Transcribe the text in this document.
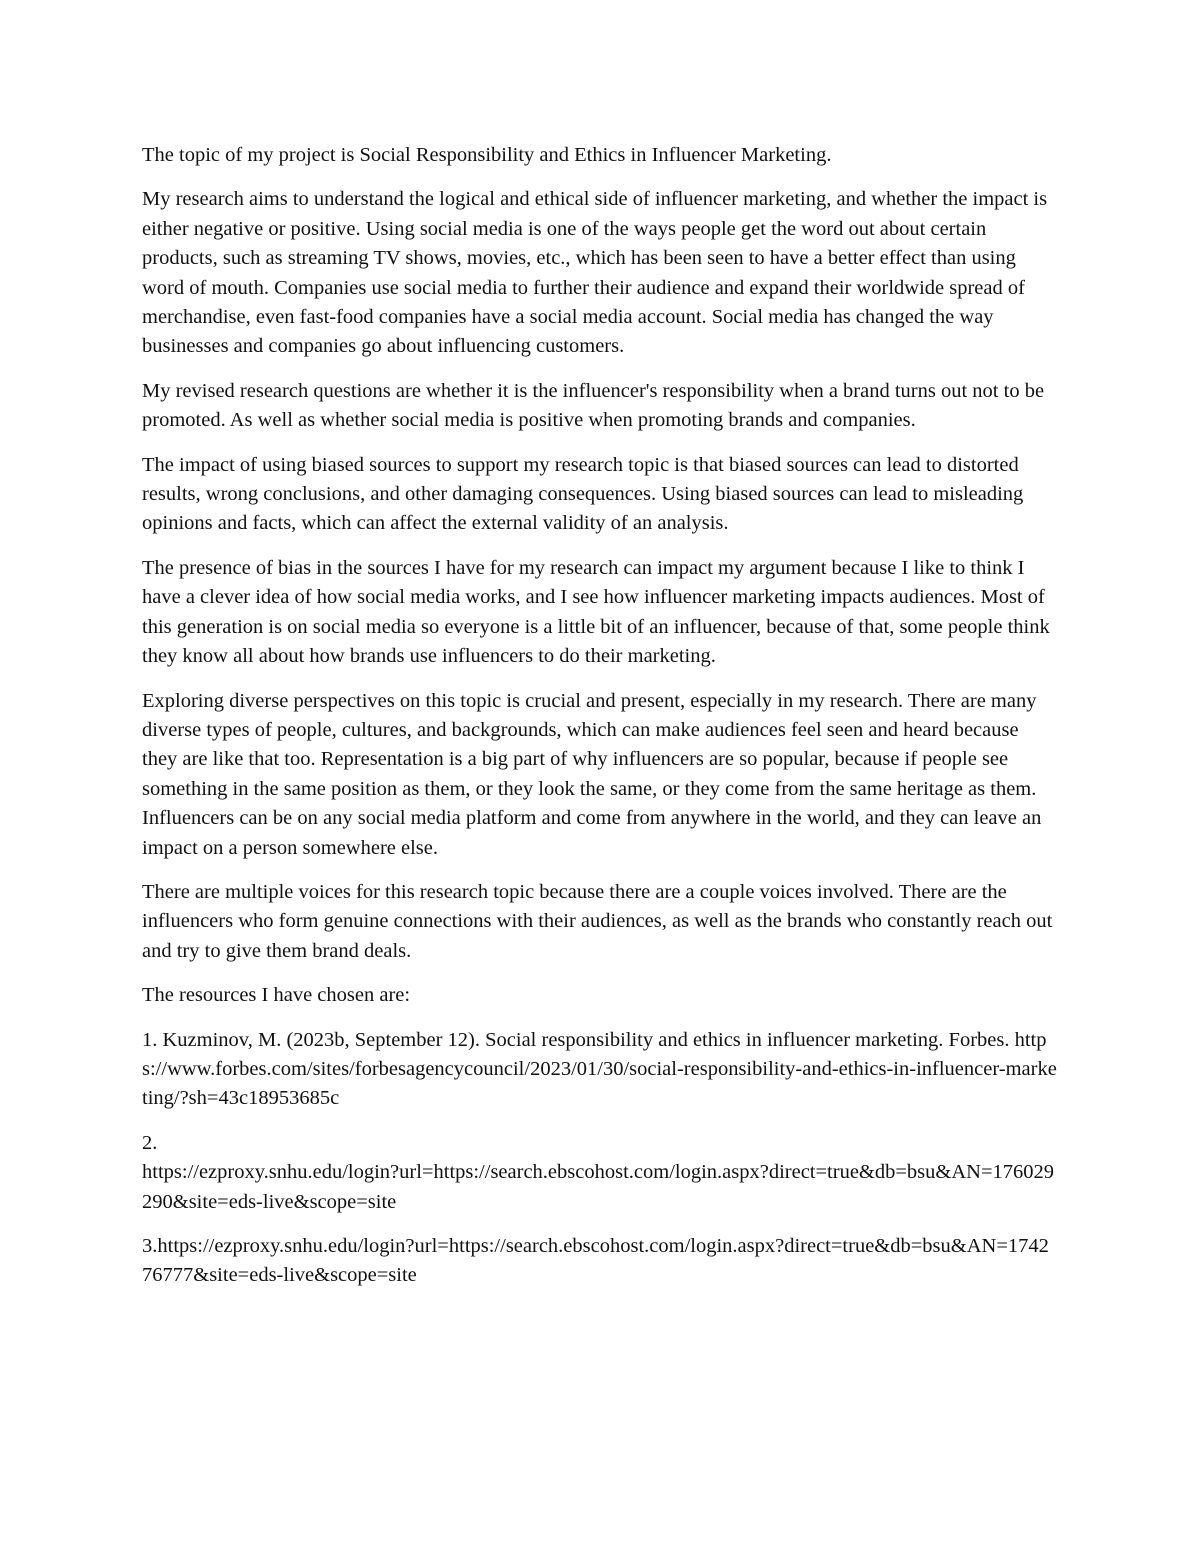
The topic of my project is Social Responsibility and Ethics in Influencer Marketing.

My research aims to understand the logical and ethical side of influencer marketing, and whether the impact is either negative or positive. Using social media is one of the ways people get the word out about certain products, such as streaming TV shows, movies, etc., which has been seen to have a better effect than using word of mouth. Companies use social media to further their audience and expand their worldwide spread of merchandise, even fast-food companies have a social media account. Social media has changed the way businesses and companies go about influencing customers.

My revised research questions are whether it is the influencer's responsibility when a brand turns out not to be promoted. As well as whether social media is positive when promoting brands and companies.

The impact of using biased sources to support my research topic is that biased sources can lead to distorted results, wrong conclusions, and other damaging consequences. Using biased sources can lead to misleading opinions and facts, which can affect the external validity of an analysis.

The presence of bias in the sources I have for my research can impact my argument because I like to think I have a clever idea of how social media works, and I see how influencer marketing impacts audiences. Most of this generation is on social media so everyone is a little bit of an influencer, because of that, some people think they know all about how brands use influencers to do their marketing.

Exploring diverse perspectives on this topic is crucial and present, especially in my research. There are many diverse types of people, cultures, and backgrounds, which can make audiences feel seen and heard because they are like that too. Representation is a big part of why influencers are so popular, because if people see something in the same position as them, or they look the same, or they come from the same heritage as them. Influencers can be on any social media platform and come from anywhere in the world, and they can leave an impact on a person somewhere else.

There are multiple voices for this research topic because there are a couple voices involved. There are the influencers who form genuine connections with their audiences, as well as the brands who constantly reach out and try to give them brand deals.

The resources I have chosen are:

1. Kuzminov, M. (2023b, September 12). Social responsibility and ethics in influencer marketing. Forbes. https://www.forbes.com/sites/forbesagencycouncil/2023/01/30/social-responsibility-and-ethics-in-influencer-marketing/?sh=43c18953685c

2.
https://ezproxy.snhu.edu/login?url=https://search.ebscohost.com/login.aspx?direct=true&db=bsu&AN=176029290&site=eds-live&scope=site

3.https://ezproxy.snhu.edu/login?url=https://search.ebscohost.com/login.aspx?direct=true&db=bsu&AN=174276777&site=eds-live&scope=site
